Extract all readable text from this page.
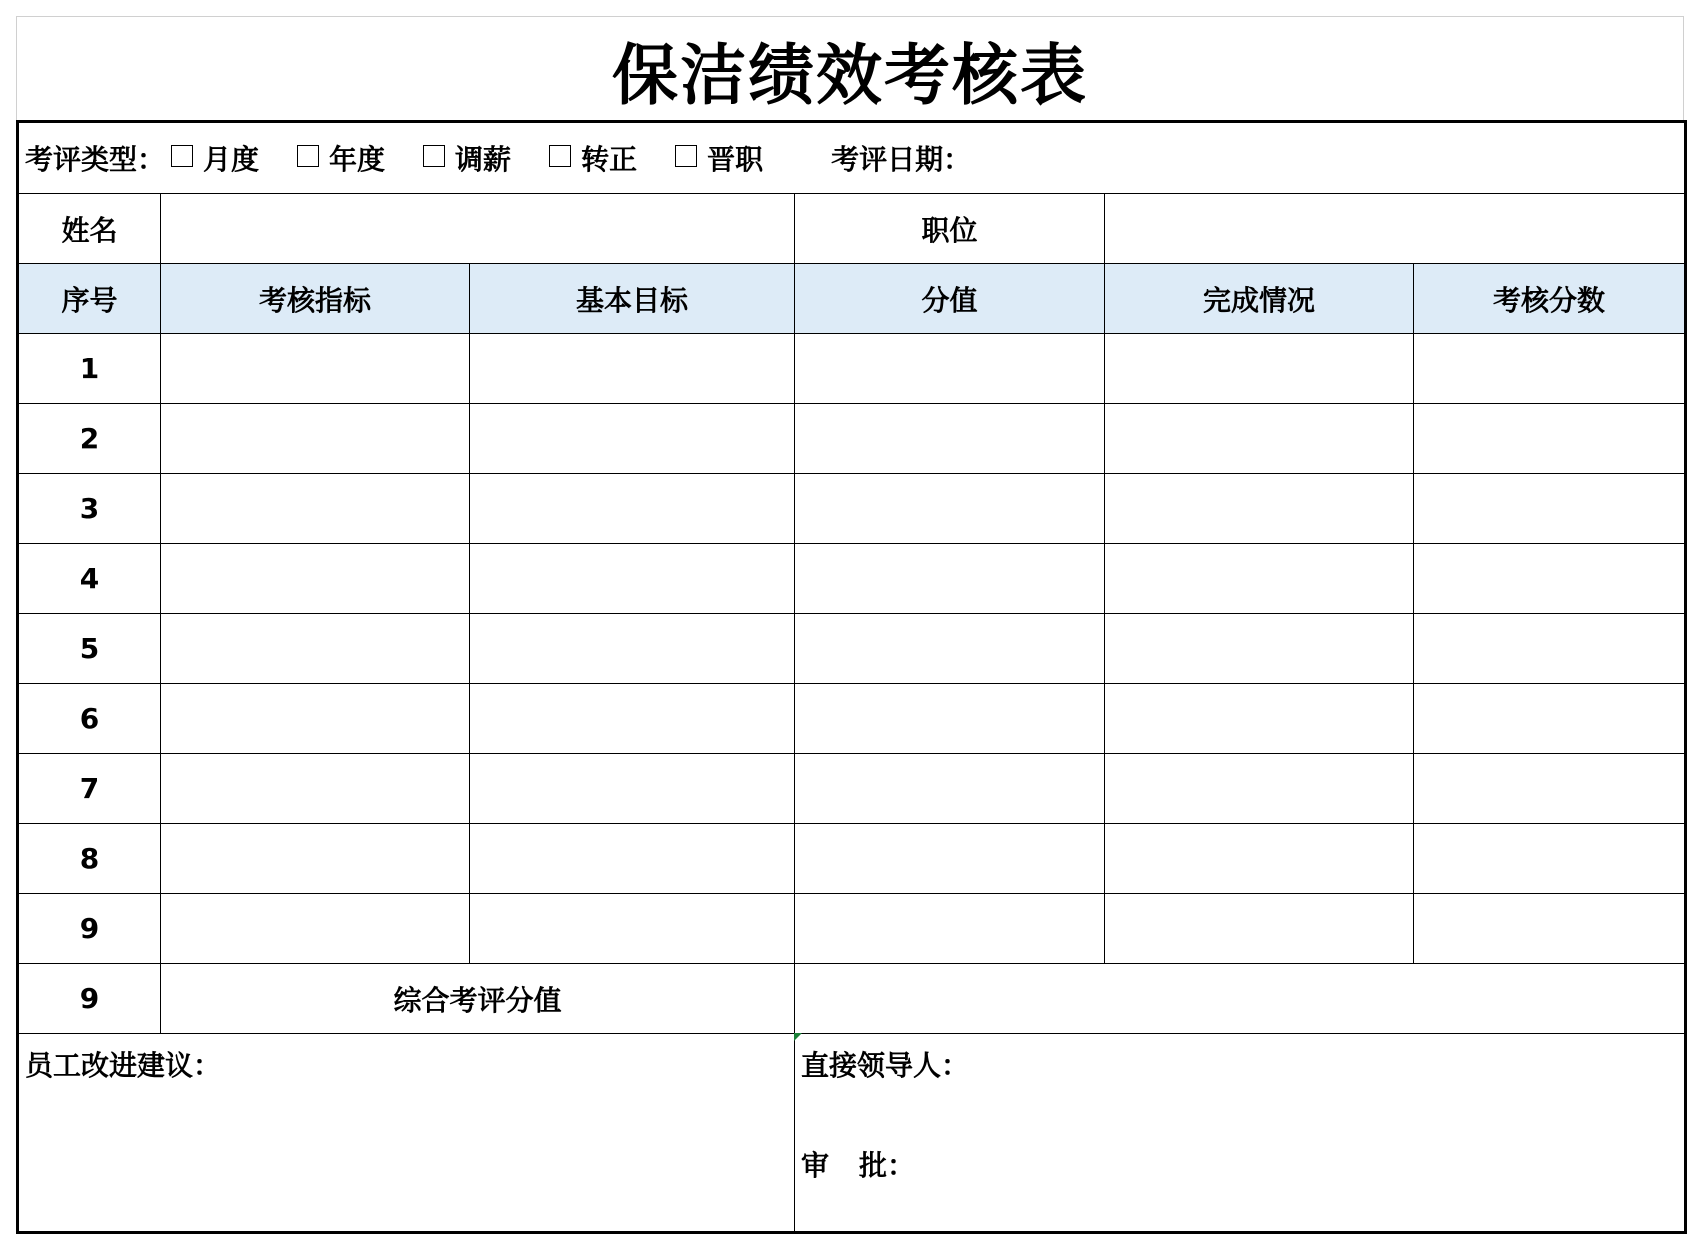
保洁绩效考核表
考评类型： 月度 年度 调薪 转正 晋职 考评日期：					
姓名			职位		
序号	考核指标	基本目标	分值	完成情况	考核分数
1					
2					
3					
4					
5					
6					
7					
8					
9					
9	综合考评分值				
员工改进建议：			直接领导人：
审 批：		
